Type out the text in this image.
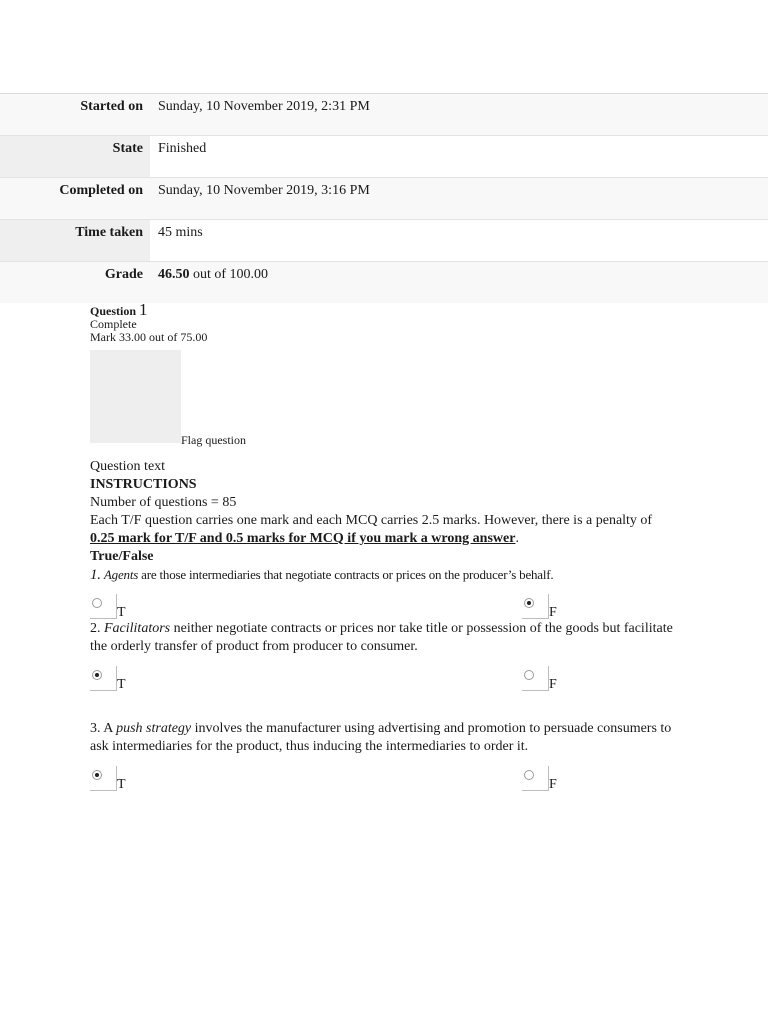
Started on	Sunday, 10 November 2019, 2:31 PM
State	Finished
Completed on	Sunday, 10 November 2019, 3:16 PM
Time taken	45 mins
Grade	46.50 out of 100.00
Question 1
Complete
Mark 33.00 out of 75.00
Flag question

Question text

INSTRUCTIONS

Number of questions = 85

Each T/F question carries one mark and each MCQ carries 2.5 marks. However, there is a penalty of 0.25 mark for T/F and 0.5 marks for MCQ if you mark a wrong answer.

True/False

1. Agents are those intermediaries that negotiate contracts or prices on the producer’s behalf.

T	F

2. Facilitators neither negotiate contracts or prices nor take title or possession of the goods but facilitate the orderly transfer of product from producer to consumer.

T	F

3. A push strategy involves the manufacturer using advertising and promotion to persuade consumers to ask intermediaries for the product, thus inducing the intermediaries to order it.

T	F
